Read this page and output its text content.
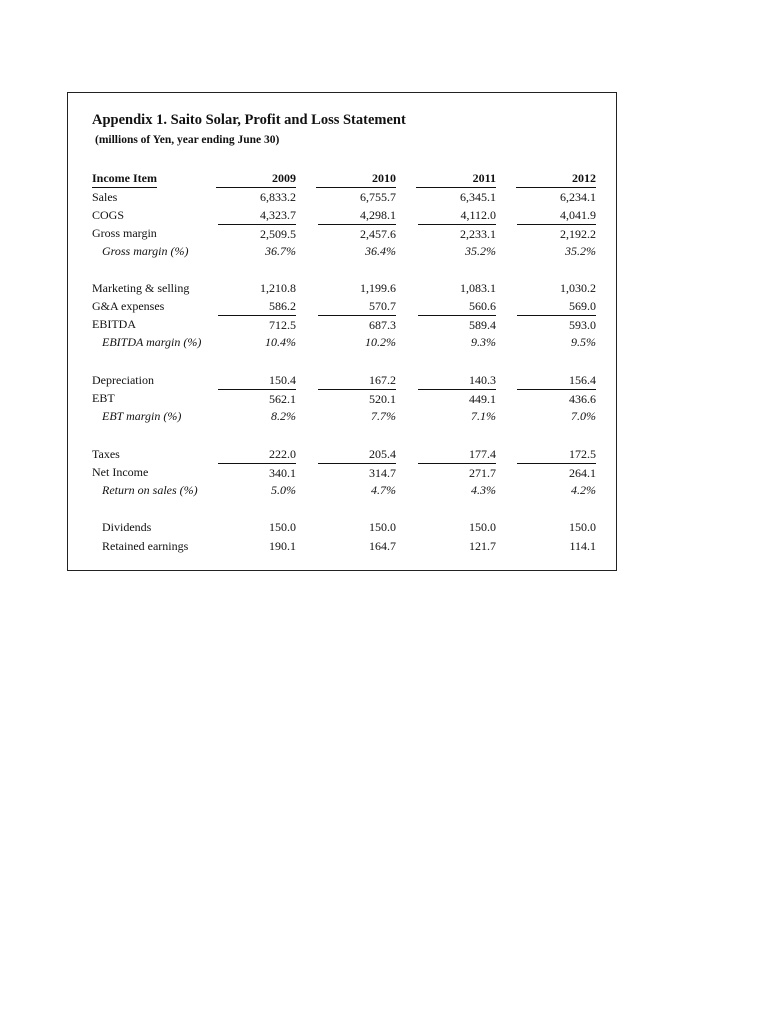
Appendix 1. Saito Solar, Profit and Loss Statement
(millions of Yen, year ending June 30)
Income Item	2009	2010	2011	2012
Sales	6,833.2	6,755.7	6,345.1	6,234.1
COGS	4,323.7	4,298.1	4,112.0	4,041.9
Gross margin	2,509.5	2,457.6	2,233.1	2,192.2
Gross margin (%)	36.7%	36.4%	35.2%	35.2%
Marketing & selling	1,210.8	1,199.6	1,083.1	1,030.2
G&A expenses	586.2	570.7	560.6	569.0
EBITDA	712.5	687.3	589.4	593.0
EBITDA margin (%)	10.4%	10.2%	9.3%	9.5%
Depreciation	150.4	167.2	140.3	156.4
EBT	562.1	520.1	449.1	436.6
EBT margin (%)	8.2%	7.7%	7.1%	7.0%
Taxes	222.0	205.4	177.4	172.5
Net Income	340.1	314.7	271.7	264.1
Return on sales (%)	5.0%	4.7%	4.3%	4.2%
Dividends	150.0	150.0	150.0	150.0
Retained earnings	190.1	164.7	121.7	114.1
